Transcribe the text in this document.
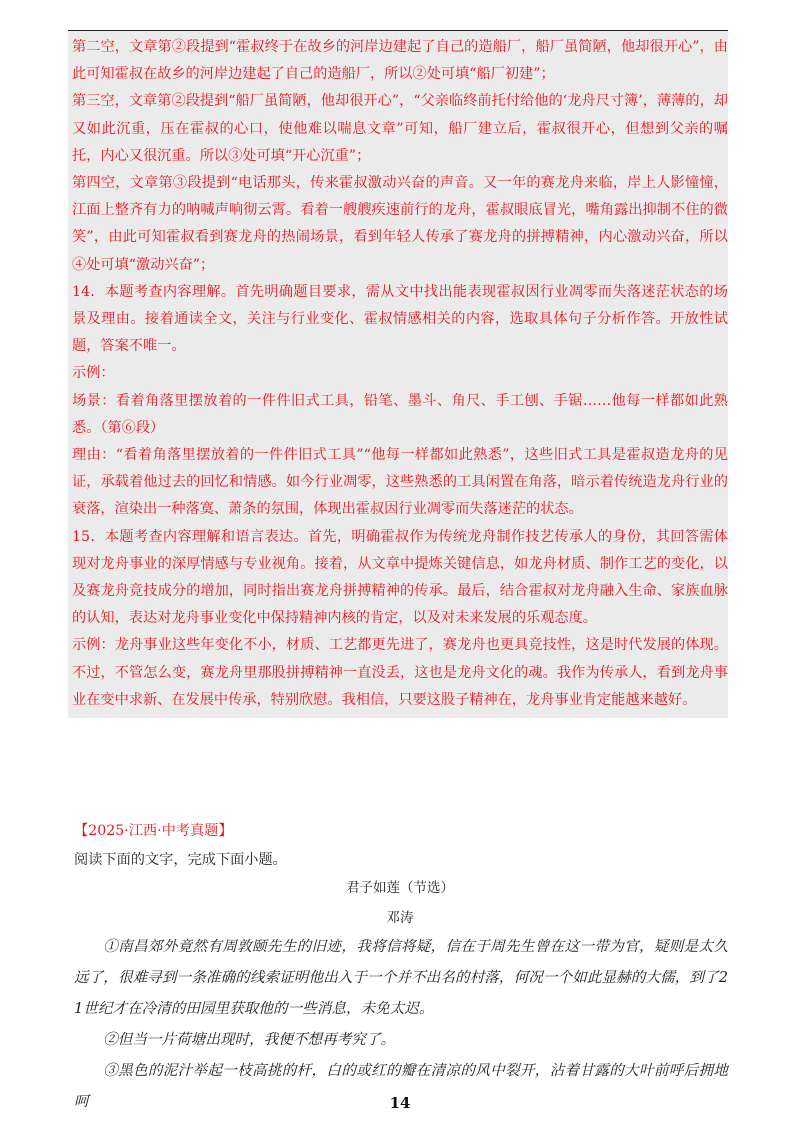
第二空，文章第②段提到“霍叔终于在故乡的河岸边建起了自己的造船厂，船厂虽简陋，他却很开心”，由此可知霍叔在故乡的河岸边建起了自己的造船厂，所以②处可填“船厂初建”；

第三空，文章第②段提到“船厂虽简陋，他却很开心”，“父亲临终前托付给他的‘龙舟尺寸簿’，薄薄的，却又如此沉重，压在霍叔的心口，使他难以喘息文章”可知，船厂建立后，霍叔很开心，但想到父亲的嘱托，内心又很沉重。所以③处可填“开心沉重”；

第四空，文章第③段提到“电话那头，传来霍叔激动兴奋的声音。又一年的赛龙舟来临，岸上人影憧憧，江面上整齐有力的呐喊声响彻云霄。看着一艘艘疾速前行的龙舟，霍叔眼底冒光，嘴角露出抑制不住的微笑”，由此可知霍叔看到赛龙舟的热闹场景，看到年轻人传承了赛龙舟的拼搏精神，内心激动兴奋，所以④处可填“激动兴奋”；

14．本题考查内容理解。首先明确题目要求，需从文中找出能表现霍叔因行业凋零而失落迷茫状态的场景及理由。接着通读全文，关注与行业变化、霍叔情感相关的内容，选取具体句子分析作答。开放性试题，答案不唯一。

示例：

场景：看着角落里摆放着的一件件旧式工具，铅笔、墨斗、角尺、手工刨、手锯……他每一样都如此熟悉。（第⑥段）

理由：“看着角落里摆放着的一件件旧式工具”“他每一样都如此熟悉”，这些旧式工具是霍叔造龙舟的见证，承载着他过去的回忆和情感。如今行业凋零，这些熟悉的工具闲置在角落，暗示着传统造龙舟行业的衰落，渲染出一种落寞、萧条的氛围，体现出霍叔因行业凋零而失落迷茫的状态。

15．本题考查内容理解和语言表达。首先，明确霍叔作为传统龙舟制作技艺传承人的身份，其回答需体现对龙舟事业的深厚情感与专业视角。接着，从文章中提炼关键信息，如龙舟材质、制作工艺的变化，以及赛龙舟竞技成分的增加，同时指出赛龙舟拼搏精神的传承。最后，结合霍叔对龙舟融入生命、家族血脉的认知，表达对龙舟事业变化中保持精神内核的肯定，以及对未来发展的乐观态度。

示例：龙舟事业这些年变化不小，材质、工艺都更先进了，赛龙舟也更具竞技性，这是时代发展的体现。不过，不管怎么变，赛龙舟里那股拼搏精神一直没丢，这也是龙舟文化的魂。我作为传承人，看到龙舟事业在变中求新、在发展中传承，特别欣慰。我相信，只要这股子精神在，龙舟事业肯定能越来越好。

【2025·江西·中考真题】
阅读下面的文字，完成下面小题。
君子如莲（节选）
邓涛

①南昌郊外竟然有周敦颐先生的旧迹，我将信将疑，信在于周先生曾在这一带为官，疑则是太久远了，很难寻到一条准确的线索证明他出入于一个并不出名的村落，何况一个如此显赫的大儒，到了21世纪才在冷清的田园里获取他的一些消息，未免太迟。

②但当一片荷塘出现时，我便不想再考究了。

③黑色的泥汁举起一枝高挑的杆，白的或红的瓣在清凉的风中裂开，沾着甘露的大叶前呼后拥地呵	14
